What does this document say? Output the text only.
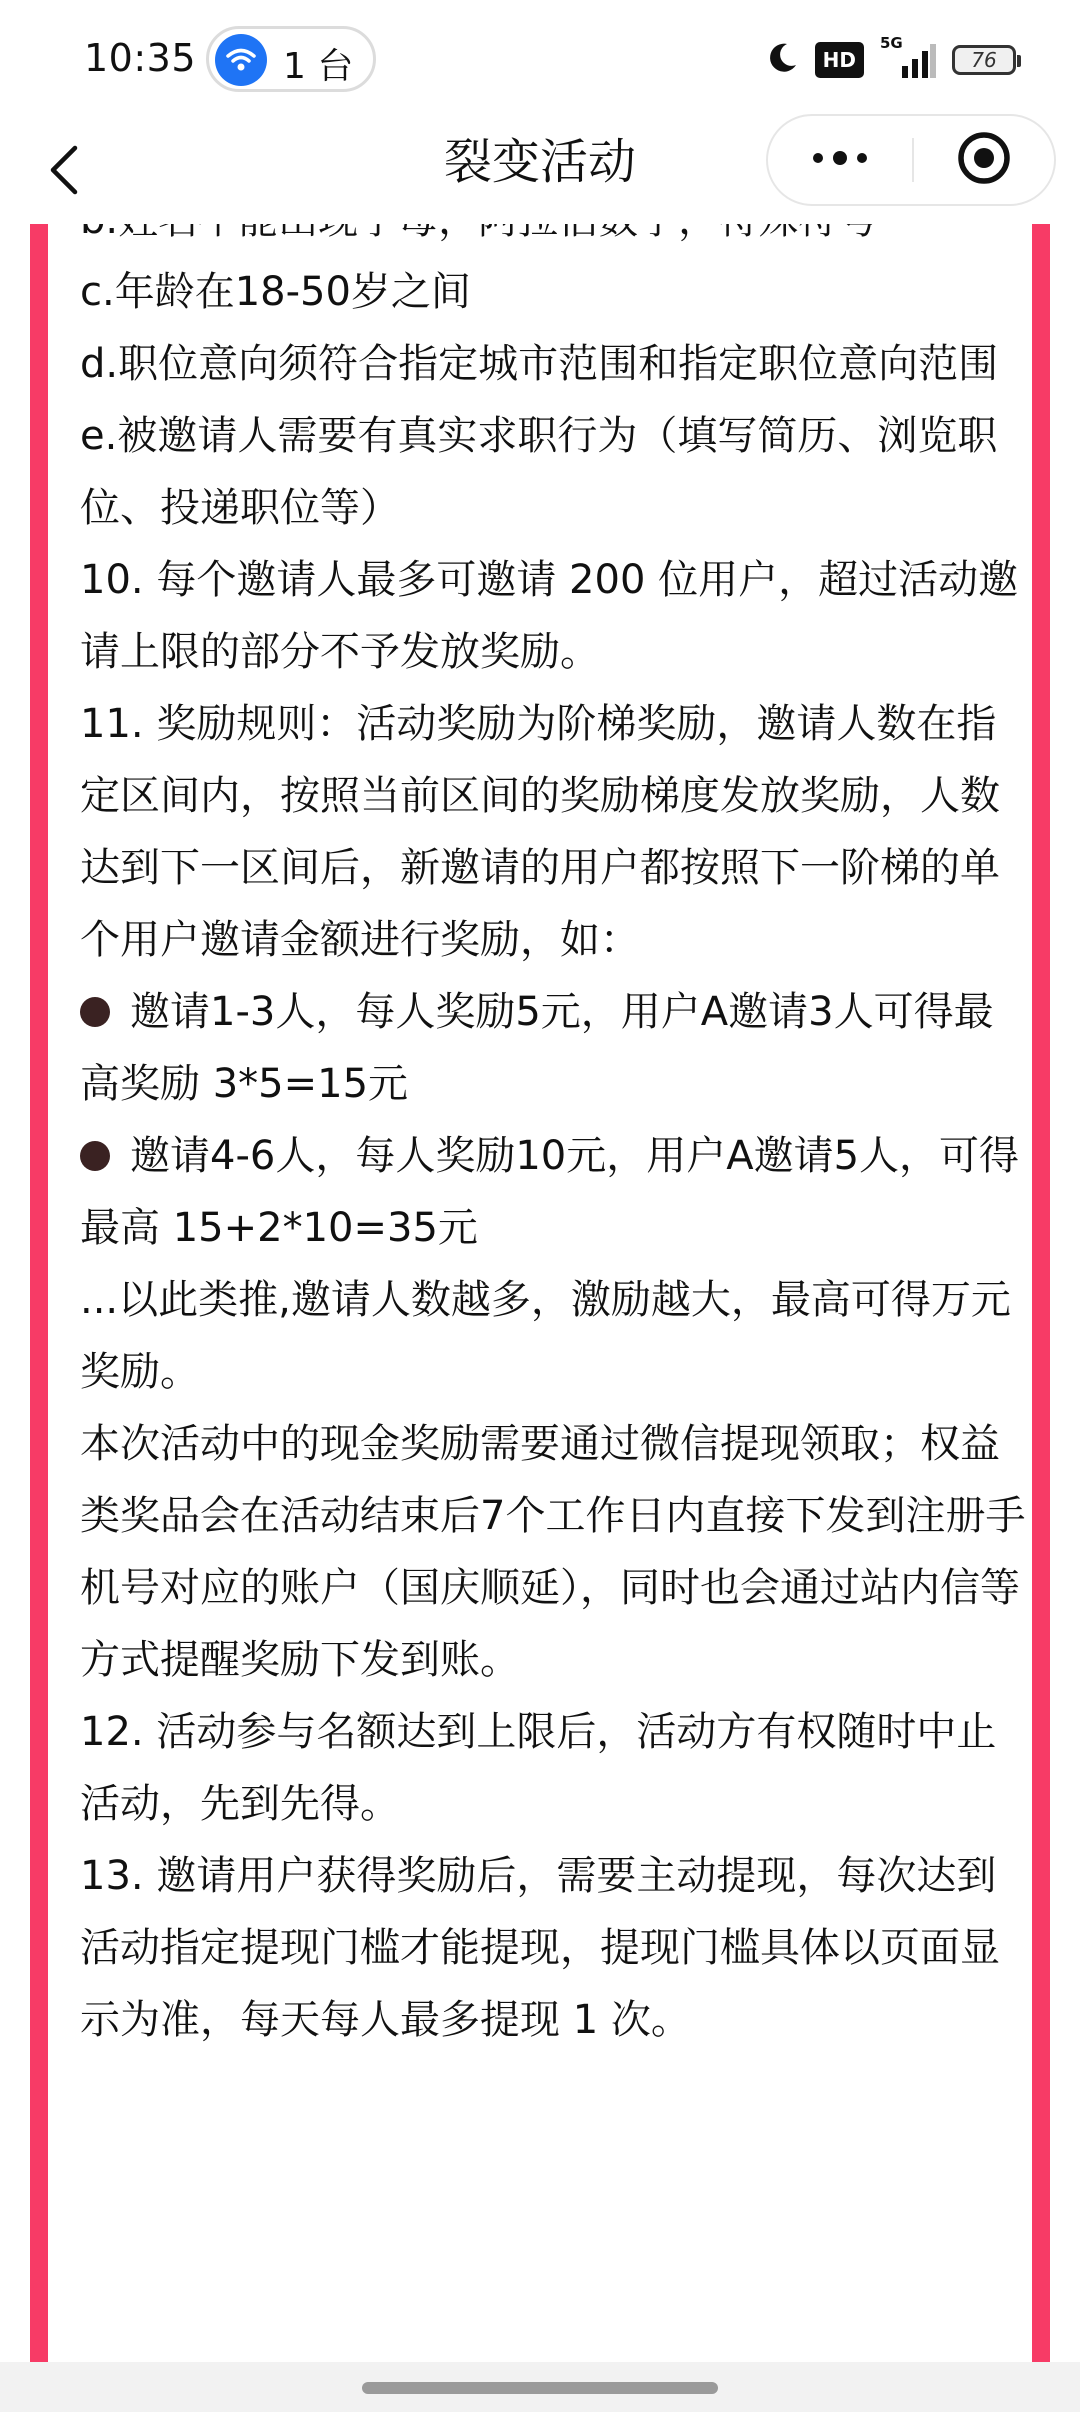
10:35 1 台	HD
5G
76
裂变活动

c.年龄在18-50岁之间

d.职位意向须符合指定城市范围和指定职位意向范围

e.被邀请人需要有真实求职行为（填写简历、浏览职位、投递职位等）

10. 每个邀请人最多可邀请 200 位用户，超过活动邀请上限的部分不予发放奖励。

11. 奖励规则：活动奖励为阶梯奖励，邀请人数在指定区间内，按照当前区间的奖励梯度发放奖励，人数达到下一区间后，新邀请的用户都按照下一阶梯的单个用户邀请金额进行奖励，如：

邀请1-3人，每人奖励5元，用户A邀请3人可得最高奖励 3*5=15元

邀请4-6人，每人奖励10元，用户A邀请5人，可得最高 15+2*10=35元

...以此类推,邀请人数越多，激励越大，最高可得万元奖励。

本次活动中的现金奖励需要通过微信提现领取；权益类奖品会在活动结束后7个工作日内直接下发到注册手机号对应的账户（国庆顺延），同时也会通过站内信等方式提醒奖励下发到账。

12. 活动参与名额达到上限后，活动方有权随时中止活动，先到先得。

13. 邀请用户获得奖励后，需要主动提现，每次达到活动指定提现门槛才能提现，提现门槛具体以页面显示为准，每天每人最多提现 1 次。
